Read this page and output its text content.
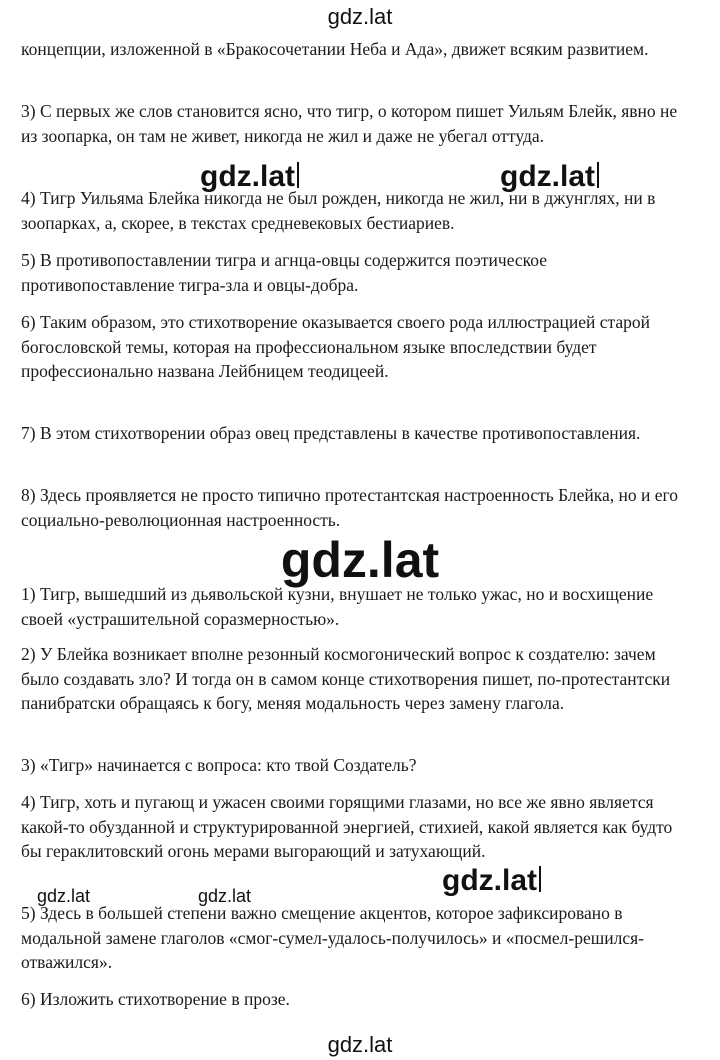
gdz.lat

концепции, изложенной в «Бракосочетании Неба и Ада», движет всяким развитием.

3) С первых же слов становится ясно, что тигр, о котором пишет Уильям Блейк, явно не из зоопарка, он там не живет, никогда не жил и даже не убегал оттуда.

4) Тигр Уильяма Блейка никогда не был рожден, никогда не жил, ни в джунглях, ни в зоопарках, а, скорее, в текстах средневековых бестиариев.

5) В противопоставлении тигра и агнца-овцы содержится поэтическое противопоставление тигра-зла и овцы-добра.

6) Таким образом, это стихотворение оказывается своего рода иллюстрацией старой богословской темы, которая на профессиональном языке впоследствии будет профессионально названа Лейбницем теодицеей.

7) В этом стихотворении образ овец представлены в качестве противопоставления.

8) Здесь проявляется не просто типично протестантская настроенность Блейка, но и его социально-революционная настроенность.

gdz.lat

1) Тигр, вышедший из дьявольской кузни, внушает не только ужас, но и восхищение своей «устрашительной соразмерностью».

2) У Блейка возникает вполне резонный космогонический вопрос к создателю: зачем было создавать зло? И тогда он в самом конце стихотворения пишет, по-протестантски панибратски обращаясь к богу, меняя модальность через замену глагола.

3) «Тигр» начинается с вопроса: кто твой Создатель?

4) Тигр, хоть и пугающ и ужасен своими горящими глазами, но все же явно является какой-то обузданной и структурированной энергией, стихией, какой является как будто бы гераклитовский огонь мерами выгорающий и затухающий.

5) Здесь в большей степени важно смещение акцентов, которое зафиксировано в модальной замене глаголов «смог-сумел-удалось-получилось» и «посмел-решился-отважился».

6) Изложить стихотворение в прозе.

gdz.lat	gdz.lat
gdz.lat	gdz.lat	gdz.lat
gdz.lat
